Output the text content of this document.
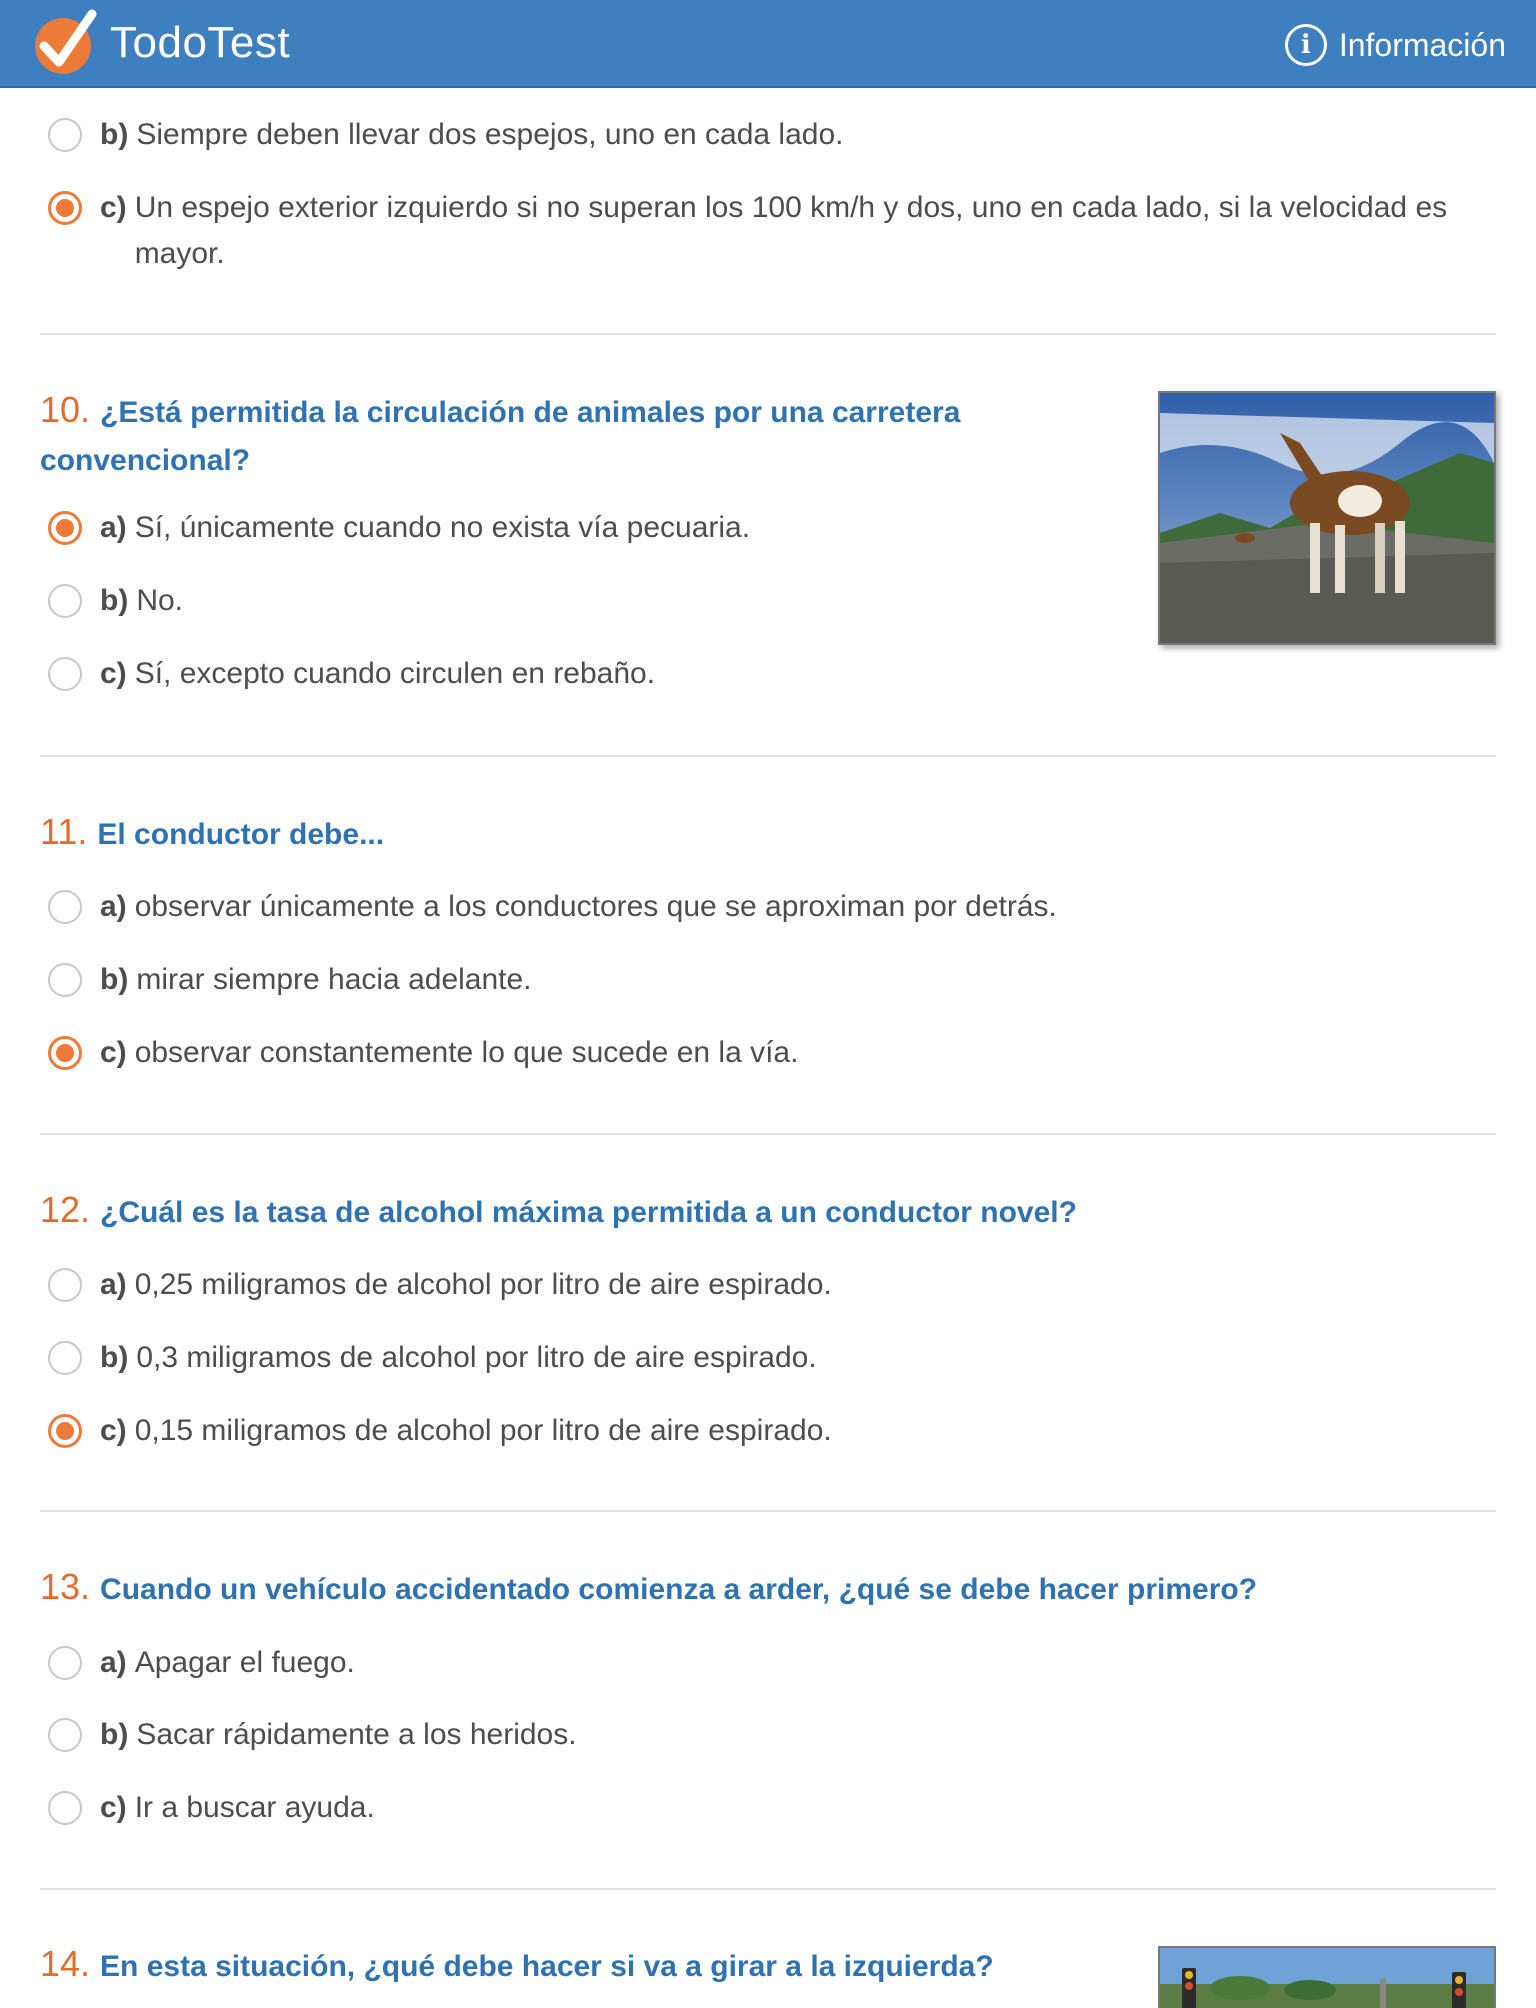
TodoTest	i Información
b) Siempre deben llevar dos espejos, uno en cada lado.
c) Un espejo exterior izquierdo si no superan los 100 km/h y dos, uno en cada lado, si la velocidad es mayor.
10. ¿Está permitida la circulación de animales por una carretera convencional?
a) Sí, únicamente cuando no exista vía pecuaria.
b) No.
c) Sí, excepto cuando circulen en rebaño.
11. El conductor debe...
a) observar únicamente a los conductores que se aproximan por detrás.
b) mirar siempre hacia adelante.
c) observar constantemente lo que sucede en la vía.
12. ¿Cuál es la tasa de alcohol máxima permitida a un conductor novel?
a) 0,25 miligramos de alcohol por litro de aire espirado.
b) 0,3 miligramos de alcohol por litro de aire espirado.
c) 0,15 miligramos de alcohol por litro de aire espirado.
13. Cuando un vehículo accidentado comienza a arder, ¿qué se debe hacer primero?
a) Apagar el fuego.
b) Sacar rápidamente a los heridos.
c) Ir a buscar ayuda.
14. En esta situación, ¿qué debe hacer si va a girar a la izquierda?
